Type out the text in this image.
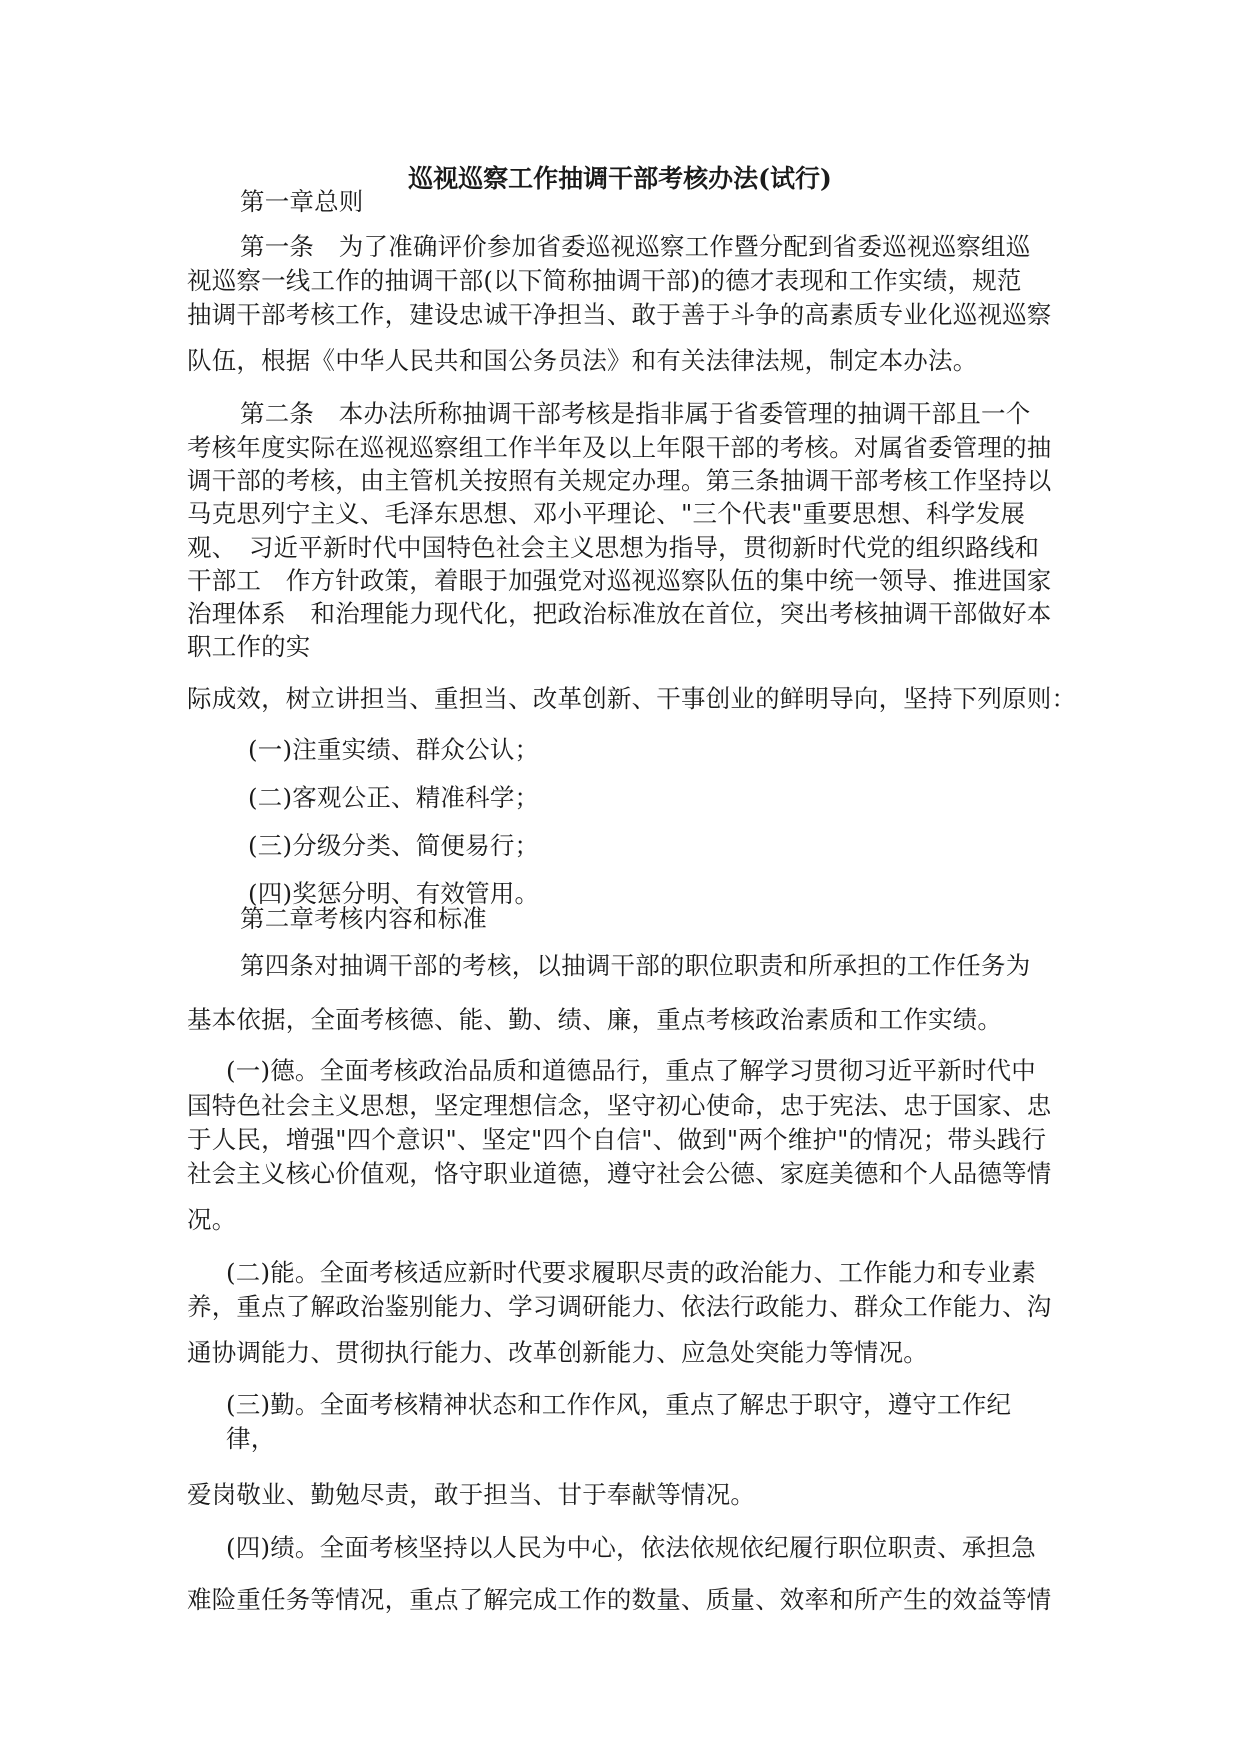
巡视巡察工作抽调干部考核办法(试行)
第一章总则
第一条　为了准确评价参加省委巡视巡察工作暨分配到省委巡视巡察组巡
视巡察一线工作的抽调干部(以下简称抽调干部)的德才表现和工作实绩，规范
抽调干部考核工作，建设忠诚干净担当、敢于善于斗争的高素质专业化巡视巡察
队伍，根据《中华人民共和国公务员法》和有关法律法规，制定本办法。
第二条　本办法所称抽调干部考核是指非属于省委管理的抽调干部且一个
考核年度实际在巡视巡察组工作半年及以上年限干部的考核。对属省委管理的抽
调干部的考核，由主管机关按照有关规定办理。第三条抽调干部考核工作坚持以
马克思列宁主义、毛泽东思想、邓小平理论、"三个代表"重要思想、科学发展
观、　习近平新时代中国特色社会主义思想为指导，贯彻新时代党的组织路线和
干部工　作方针政策，着眼于加强党对巡视巡察队伍的集中统一领导、推进国家
治理体系　和治理能力现代化，把政治标准放在首位，突出考核抽调干部做好本
职工作的实
际成效，树立讲担当、重担当、改革创新、干事创业的鲜明导向，坚持下列原则：
(一)注重实绩、群众公认；
(二)客观公正、精准科学；
(三)分级分类、简便易行；
(四)奖惩分明、有效管用。
第二章考核内容和标准
第四条对抽调干部的考核，以抽调干部的职位职责和所承担的工作任务为
基本依据，全面考核德、能、勤、绩、廉，重点考核政治素质和工作实绩。
(一)德。全面考核政治品质和道德品行，重点了解学习贯彻习近平新时代中
国特色社会主义思想，坚定理想信念，坚守初心使命，忠于宪法、忠于国家、忠
于人民，增强"四个意识"、坚定"四个自信"、做到"两个维护"的情况；带头践行
社会主义核心价值观，恪守职业道德，遵守社会公德、家庭美德和个人品德等情
况。
(二)能。全面考核适应新时代要求履职尽责的政治能力、工作能力和专业素
养，重点了解政治鉴别能力、学习调研能力、依法行政能力、群众工作能力、沟
通协调能力、贯彻执行能力、改革创新能力、应急处突能力等情况。
(三)勤。全面考核精神状态和工作作风，重点了解忠于职守，遵守工作纪
律，
爱岗敬业、勤勉尽责，敢于担当、甘于奉献等情况。
(四)绩。全面考核坚持以人民为中心，依法依规依纪履行职位职责、承担急
难险重任务等情况，重点了解完成工作的数量、质量、效率和所产生的效益等情
